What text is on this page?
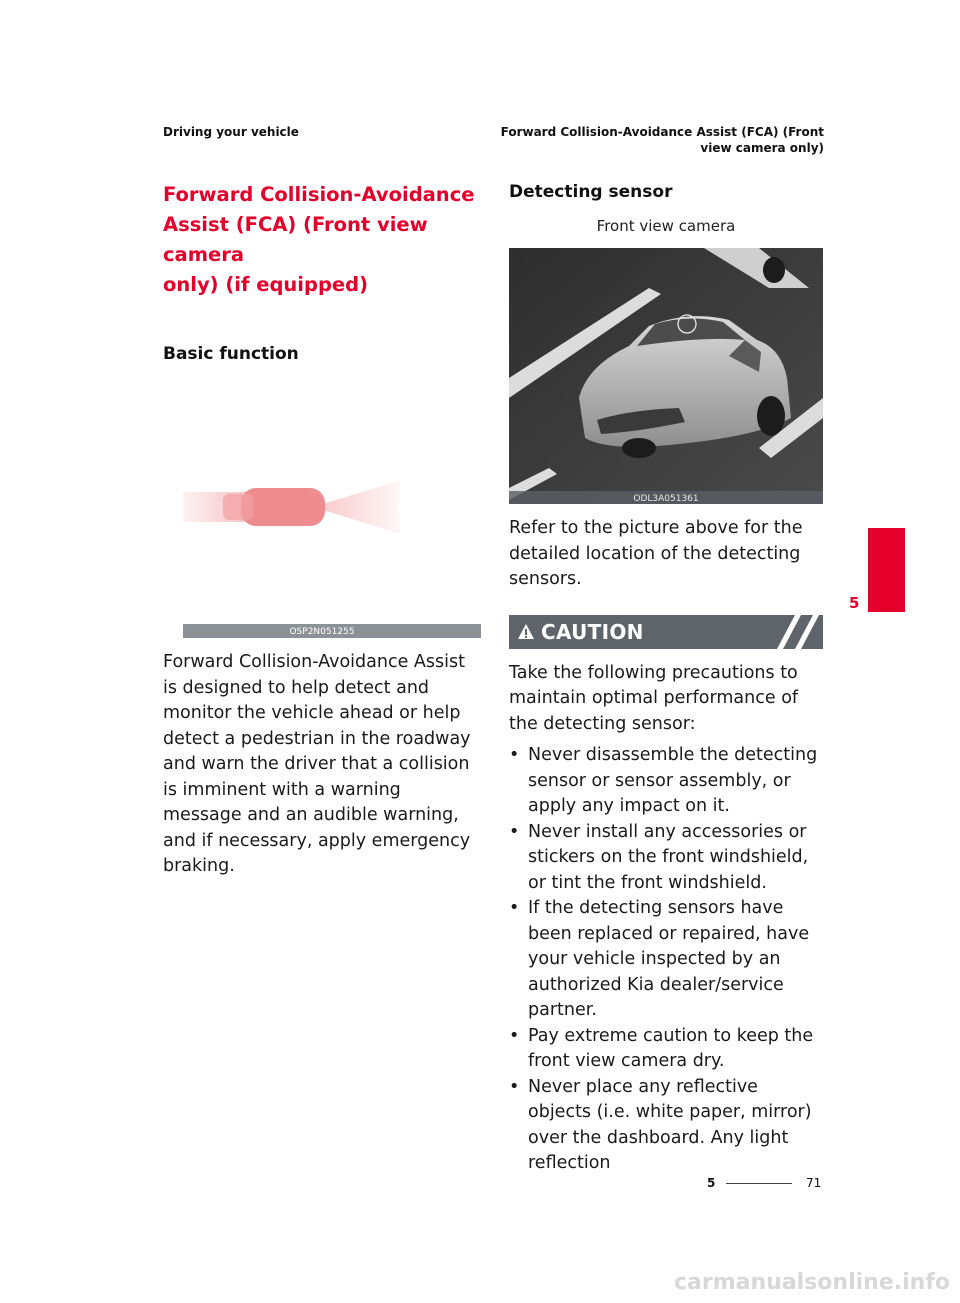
Driving your vehicle	Forward Collision-Avoidance Assist (FCA) (Front
view camera only)
Forward Collision-Avoidance
Assist (FCA) (Front view camera
only) (if equipped)
Basic function
OSP2N051255

Forward Collision-Avoidance Assist is designed to help detect and monitor the vehicle ahead or help detect a pedestrian in the roadway and warn the driver that a collision is imminent with a warning message and an audible warning, and if necessary, apply emergency braking.

Detecting sensor
Front view camera
ODL3A051361

Refer to the picture above for the detailed location of the detecting sensors.

CAUTION

Take the following precautions to maintain optimal performance of the detecting sensor:

• Never disassemble the detecting sensor or sensor assembly, or apply any impact on it.
• Never install any accessories or stickers on the front windshield, or tint the front windshield.
• If the detecting sensors have been replaced or repaired, have your vehicle inspected by an authorized Kia dealer/service partner.
• Pay extreme caution to keep the front view camera dry.
• Never place any reflective objects (i.e. white paper, mirror) over the dashboard. Any light reflection
5
5	71
carmanualsonline.info
